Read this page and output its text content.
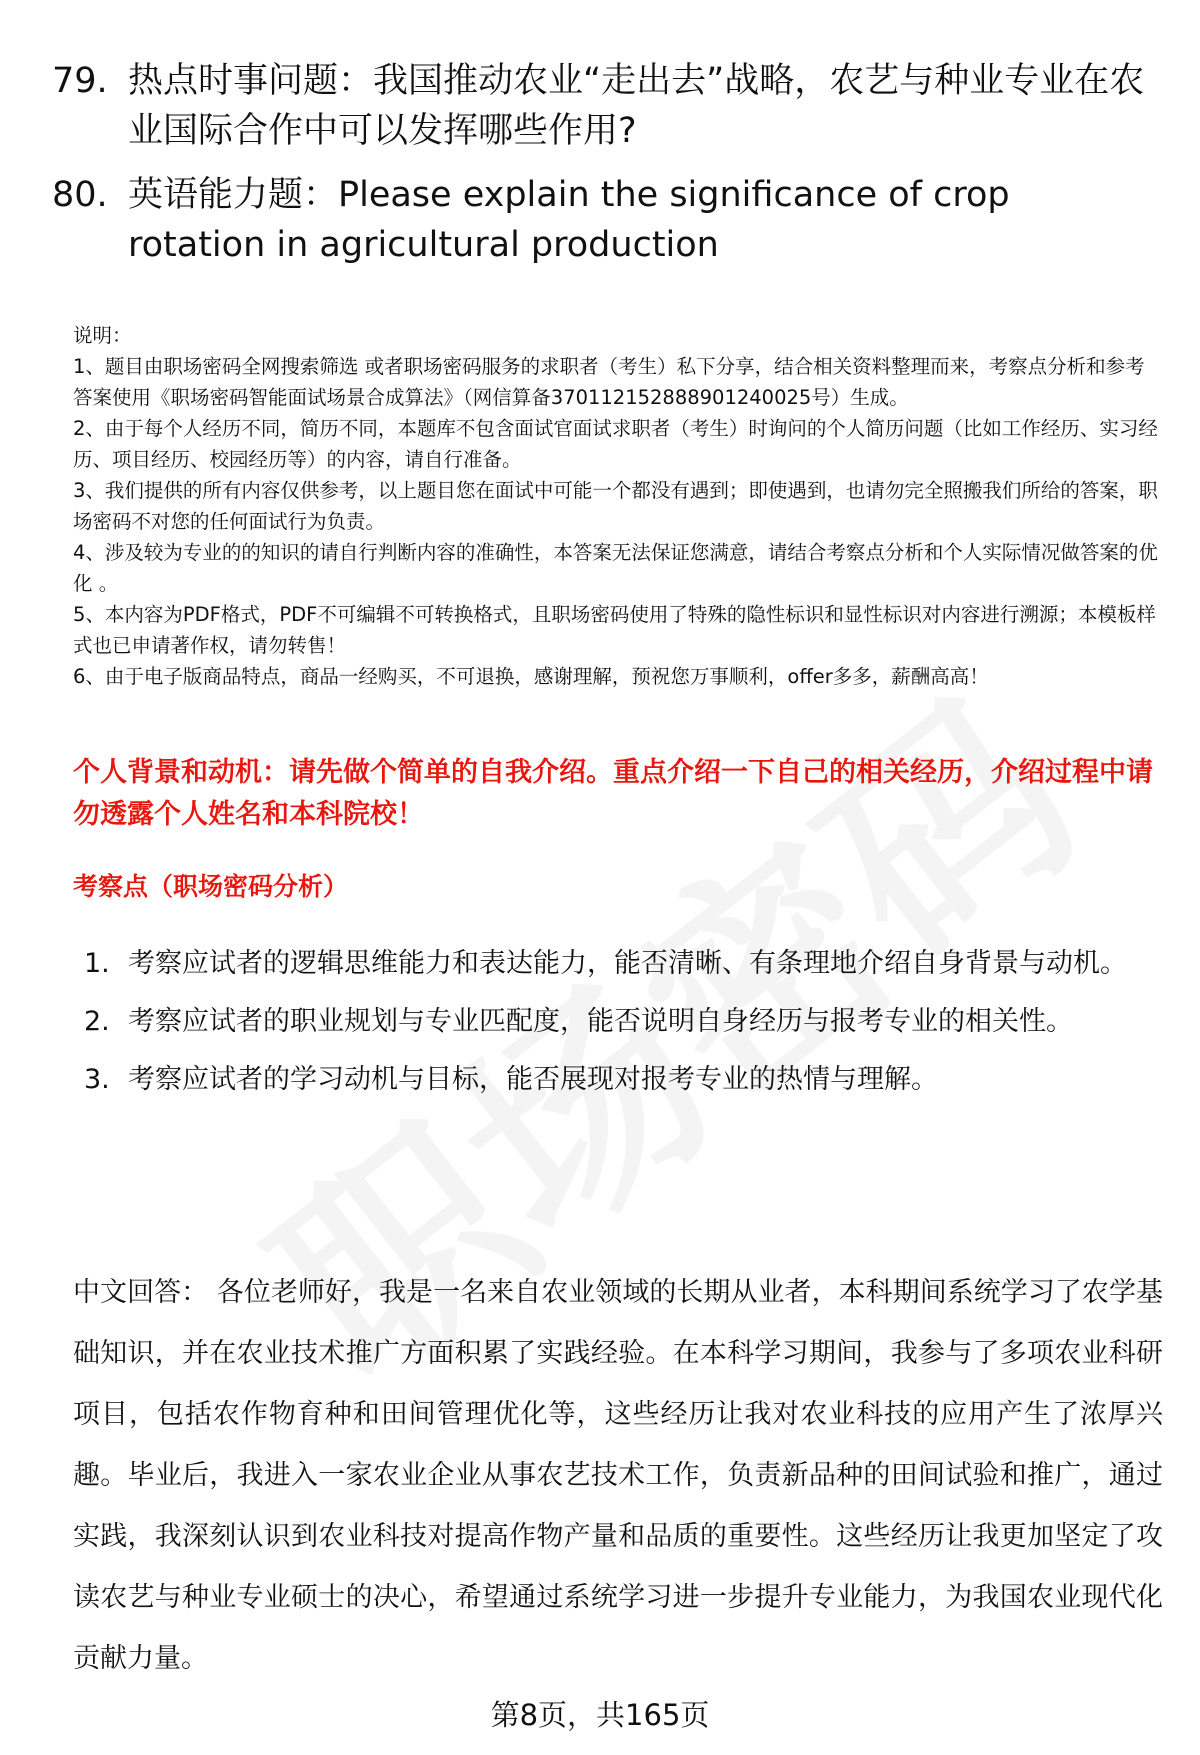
79. 热点时事问题：我国推动农业“走出去”战略，农艺与种业专业在农业国际合作中可以发挥哪些作用?
80. 英语能力题：Please explain the significance of crop rotation in agricultural production
说明：
1、题目由职场密码全网搜索筛选 或者职场密码服务的求职者（考生）私下分享，结合相关资料整理而来，考察点分析和参考答案使用《职场密码智能面试场景合成算法》（网信算备370112152888901240025号）生成。
2、由于每个人经历不同，简历不同，本题库不包含面试官面试求职者（考生）时询问的个人简历问题（比如工作经历、实习经历、项目经历、校园经历等）的内容，请自行准备。
3、我们提供的所有内容仅供参考，以上题目您在面试中可能一个都没有遇到；即使遇到，也请勿完全照搬我们所给的答案，职场密码不对您的任何面试行为负责。
4、涉及较为专业的的知识的请自行判断内容的准确性，本答案无法保证您满意，请结合考察点分析和个人实际情况做答案的优化 。
5、本内容为PDF格式，PDF不可编辑不可转换格式，且职场密码使用了特殊的隐性标识和显性标识对内容进行溯源；本模板样式也已申请著作权，请勿转售！
6、由于电子版商品特点，商品一经购买，不可退换，感谢理解，预祝您万事顺利，offer多多，薪酬高高！
个人背景和动机：请先做个简单的自我介绍。重点介绍一下自己的相关经历，介绍过程中请勿透露个人姓名和本科院校！
考察点（职场密码分析）
1. 考察应试者的逻辑思维能力和表达能力，能否清晰、有条理地介绍自身背景与动机。
2. 考察应试者的职业规划与专业匹配度，能否说明自身经历与报考专业的相关性。
3. 考察应试者的学习动机与目标，能否展现对报考专业的热情与理解。
中文回答： 各位老师好，我是一名来自农业领域的长期从业者，本科期间系统学习了农学基础知识，并在农业技术推广方面积累了实践经验。在本科学习期间，我参与了多项农业科研项目，包括农作物育种和田间管理优化等，这些经历让我对农业科技的应用产生了浓厚兴趣。毕业后，我进入一家农业企业从事农艺技术工作，负责新品种的田间试验和推广，通过实践，我深刻认识到农业科技对提高作物产量和品质的重要性。这些经历让我更加坚定了攻读农艺与种业专业硕士的决心，希望通过系统学习进一步提升专业能力，为我国农业现代化贡献力量。
第8页，共165页
